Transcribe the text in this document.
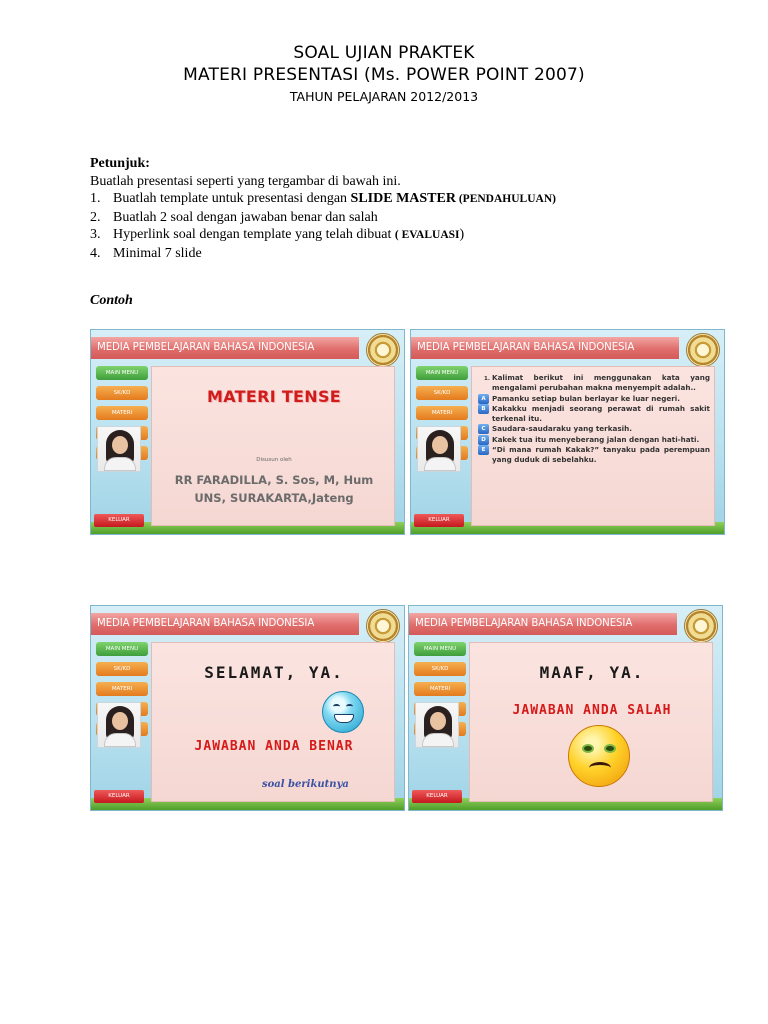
SOAL UJIAN PRAKTEK
MATERI PRESENTASI (Ms. POWER POINT 2007)
TAHUN PELAJARAN 2012/2013
Petunjuk:
Buatlah presentasi seperti yang tergambar di bawah ini.
1. Buatlah template untuk presentasi dengan SLIDE MASTER (PENDAHULUAN)
2. Buatlah 2 soal dengan jawaban benar dan salah
3. Hyperlink soal dengan template yang telah dibuat ( EVALUASI)
4. Minimal 7 slide
Contoh
MEDIA PEMBELAJARAN BAHASA INDONESIA
MAIN MENU
SK/KD
MATERI
KELUAR
MATERI TENSE
Disusun oleh
RR FARADILLA, S. Sos, M, Hum
UNS, SURAKARTA,Jateng
MEDIA PEMBELAJARAN BAHASA INDONESIA
MAIN MENU
SK/KD
MATERI
KELUAR
1. Kalimat berikut ini menggunakan kata yang mengalami perubahan makna menyempit adalah..
A Pamanku setiap bulan berlayar ke luar negeri.
B Kakakku menjadi seorang perawat di rumah sakit terkenal itu.
C Saudara-saudaraku yang terkasih.
D Kakek tua itu menyeberang jalan dengan hati-hati.
E “Di mana rumah Kakak?” tanyaku pada perempuan yang duduk di sebelahku.
MEDIA PEMBELAJARAN BAHASA INDONESIA
MAIN MENU
SK/KD
MATERI
KELUAR
SELAMAT, YA.
JAWABAN ANDA BENAR
soal berikutnya
MEDIA PEMBELAJARAN BAHASA INDONESIA
MAIN MENU
SK/KD
MATERI
KELUAR
MAAF, YA.
JAWABAN ANDA SALAH
